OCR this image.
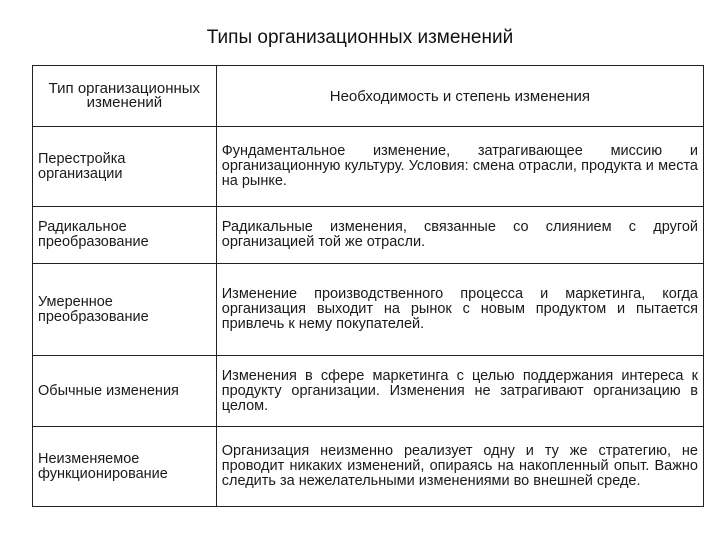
Типы организационных изменений
Тип организационных изменений	Необходимость и степень изменения
Перестройка организации	Фундаментальное изменение, затрагивающее миссию и организационную культуру. Условия: смена отрасли, продукта и места на рынке.
Радикальное преобразование	Радикальные изменения, связанные со слиянием с другой организацией той же отрасли.
Умеренное преобразование	Изменение производственного процесса и маркетинга, когда организация выходит на рынок с новым продуктом и пытается привлечь к нему покупателей.
Обычные изменения	Изменения в сфере маркетинга с целью поддержания интереса к продукту организации. Изменения не затрагивают организацию в целом.
Неизменяемое функционирование	Организация неизменно реализует одну и ту же стратегию, не проводит никаких изменений, опираясь на накопленный опыт. Важно следить за нежелательными изменениями во внешней среде.
